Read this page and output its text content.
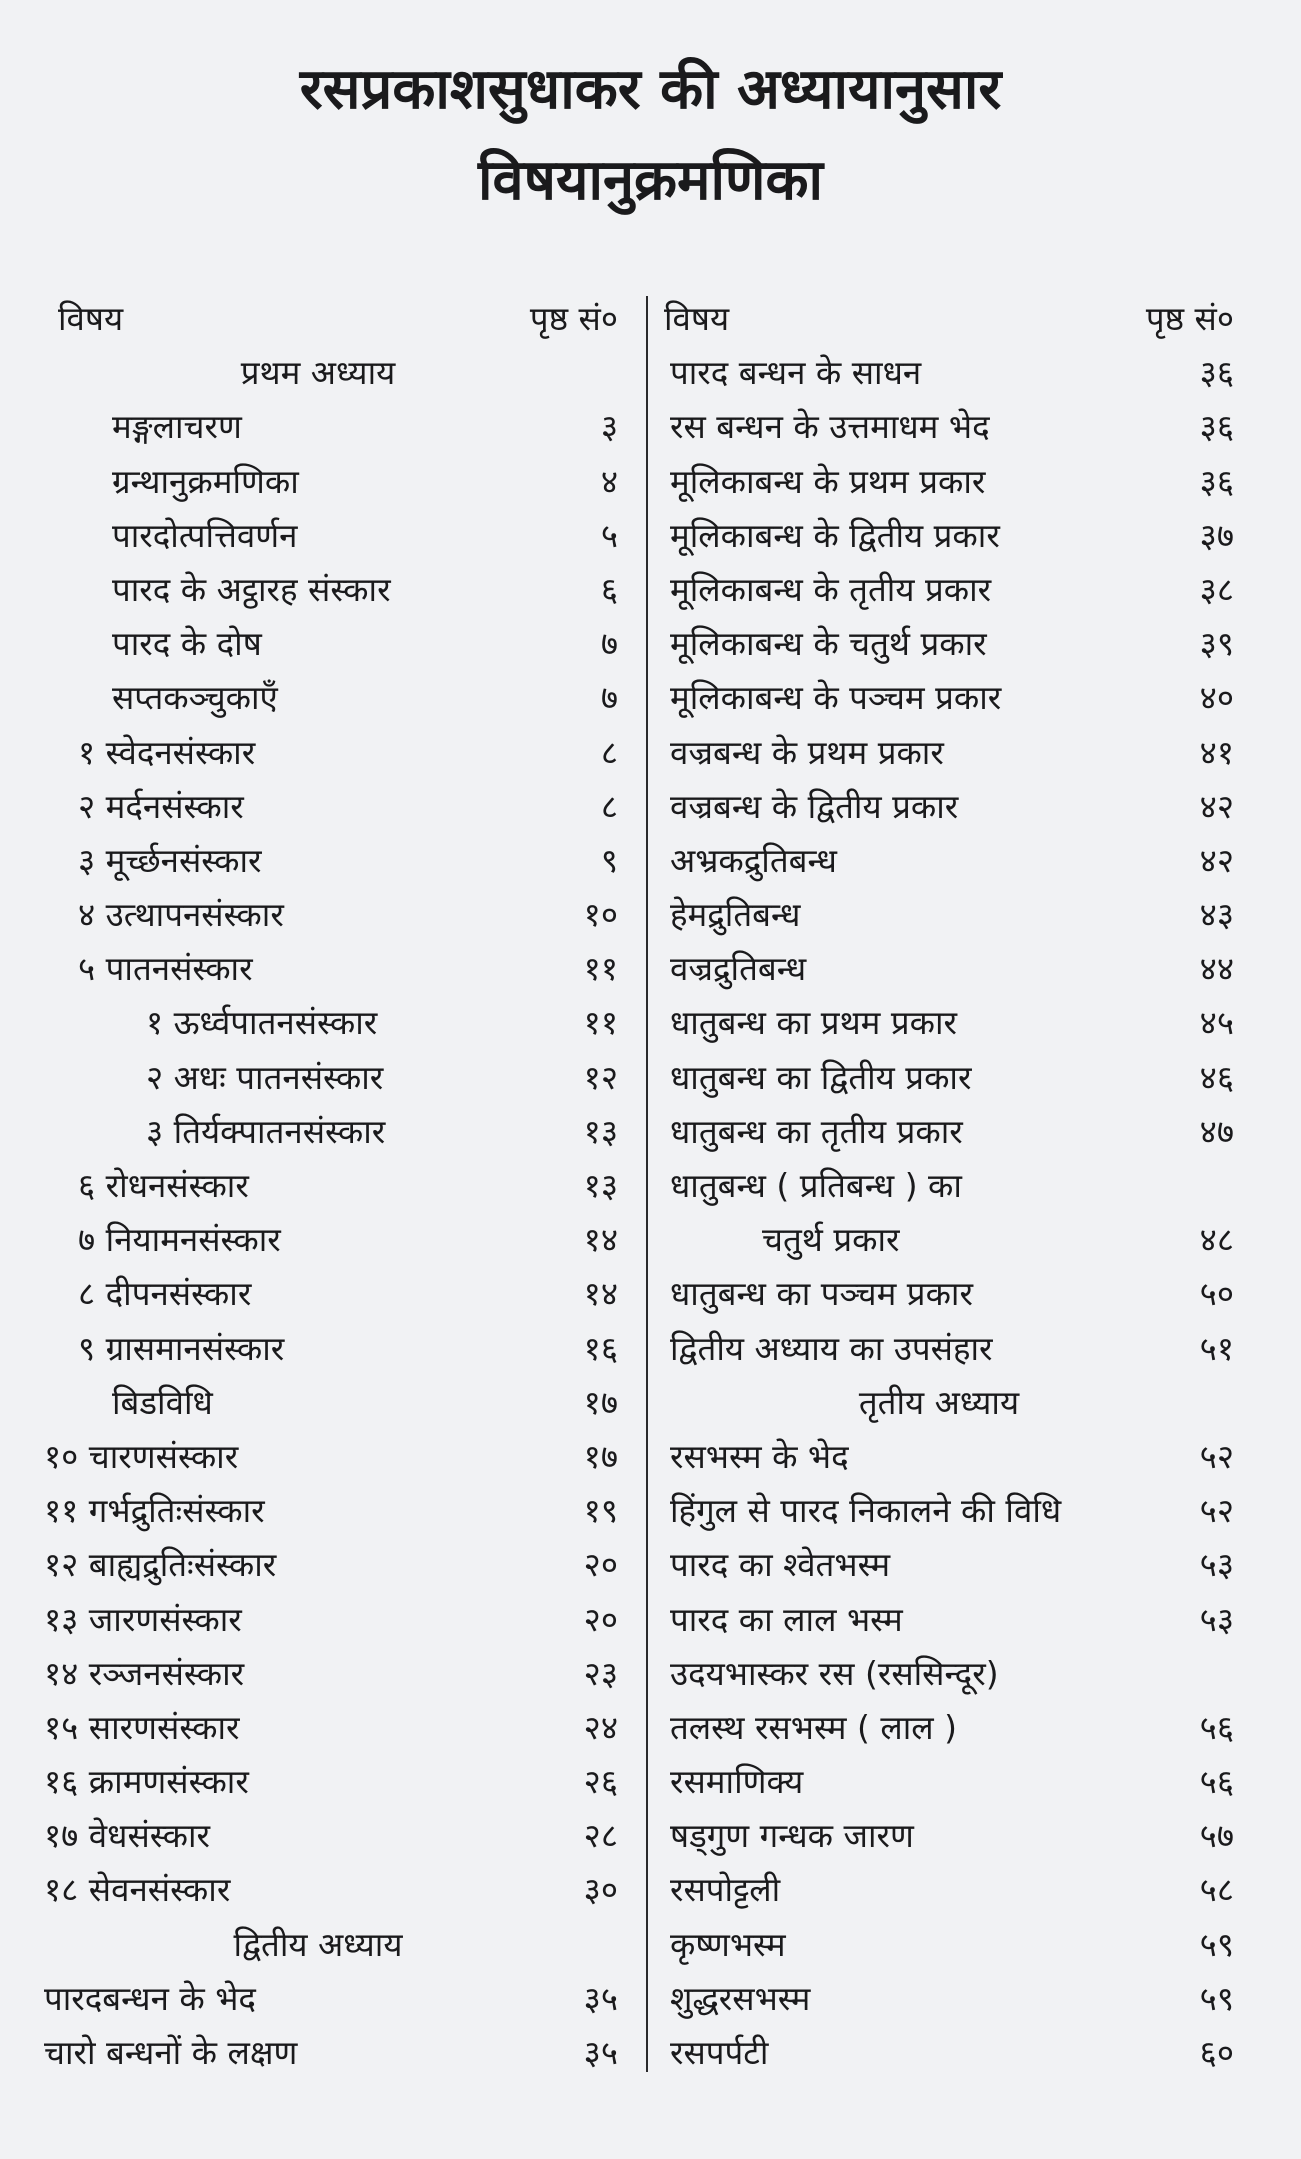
रसप्रकाशसुधाकर की अध्यायानुसार
विषयानुक्रमणिका
विषय	पृष्ठ सं०
प्रथम अध्याय
मङ्गलाचरण	३
ग्रन्थानुक्रमणिका	४
पारदोत्पत्तिवर्णन	५
पारद के अट्ठारह संस्कार	६
पारद के दोष	७
सप्तकञ्चुकाएँ	७
१ स्वेदनसंस्कार	८
२ मर्दनसंस्कार	८
३ मूर्च्छनसंस्कार	९
४ उत्थापनसंस्कार	१०
५ पातनसंस्कार	११
१ ऊर्ध्वपातनसंस्कार	११
२ अधः पातनसंस्कार	१२
३ तिर्यक्पातनसंस्कार	१३
६ रोधनसंस्कार	१३
७ नियामनसंस्कार	१४
८ दीपनसंस्कार	१४
९ ग्रासमानसंस्कार	१६
बिडविधि	१७
१० चारणसंस्कार	१७
११ गर्भद्रुतिःसंस्कार	१९
१२ बाह्यद्रुतिःसंस्कार	२०
१३ जारणसंस्कार	२०
१४ रञ्जनसंस्कार	२३
१५ सारणसंस्कार	२४
१६ क्रामणसंस्कार	२६
१७ वेधसंस्कार	२८
१८ सेवनसंस्कार	३०
द्वितीय अध्याय
पारदबन्धन के भेद	३५
चारो बन्धनों के लक्षण	३५
विषय	पृष्ठ सं०
पारद बन्धन के साधन	३६
रस बन्धन के उत्तमाधम भेद	३६
मूलिकाबन्ध के प्रथम प्रकार	३६
मूलिकाबन्ध के द्वितीय प्रकार	३७
मूलिकाबन्ध के तृतीय प्रकार	३८
मूलिकाबन्ध के चतुर्थ प्रकार	३९
मूलिकाबन्ध के पञ्चम प्रकार	४०
वज्रबन्ध के प्रथम प्रकार	४१
वज्रबन्ध के द्वितीय प्रकार	४२
अभ्रकद्रुतिबन्ध	४२
हेमद्रुतिबन्ध	४३
वज्रद्रुतिबन्ध	४४
धातुबन्ध का प्रथम प्रकार	४५
धातुबन्ध का द्वितीय प्रकार	४६
धातुबन्ध का तृतीय प्रकार	४७
धातुबन्ध ( प्रतिबन्ध ) का
चतुर्थ प्रकार	४८
धातुबन्ध का पञ्चम प्रकार	५०
द्वितीय अध्याय का उपसंहार	५१
तृतीय अध्याय
रसभस्म के भेद	५२
हिंगुल से पारद निकालने की विधि	५२
पारद का श्वेतभस्म	५३
पारद का लाल भस्म	५३
उदयभास्कर रस (रससिन्दूर)
तलस्थ रसभस्म ( लाल )	५६
रसमाणिक्य	५६
षड्गुण गन्धक जारण	५७
रसपोट्टली	५८
कृष्णभस्म	५९
शुद्धरसभस्म	५९
रसपर्पटी	६०
